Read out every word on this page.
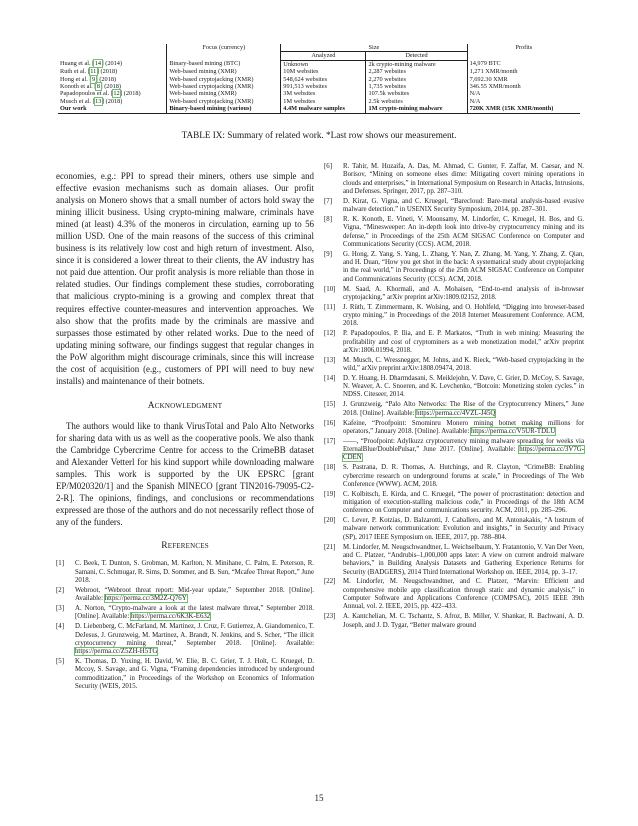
	Focus (currency)	Size		Profits
		Analyzed	Detected	
Huang et al. [14] (2014)	Binary-based mining (BTC)	Unknown	2k crypto-mining malware	14,979 BTC
Ruth et al. [11] (2018)	Web-based mining (XMR)	10M websites	2,287 websites	1,271 XMR/month
Hong et al. [9] (2018)	Web-based cryptojacking (XMR)	548,624 websites	2,270 websites	7,692.30 XMR
Konoth et al. [8] (2018)	Web-based cryptojacking (XMR)	991,513 websites	1,735 websites	346.55 XMR/month
Papadopoulos et al. [12] (2018)	Web-based mining (XMR)	3M websites	107.5k websites	N/A
Musch et al. [13] (2018)	Web-based cryptojacking (XMR)	1M websites	2.5k websites	N/A
Our work	Binary-based mining (various)	4.4M malware samples	1M crypto-mining malware	720K XMR (15K XMR/month)
TABLE IX: Summary of related work. *Last row shows our measurement.

economies, e.g.: PPI to spread their miners, others use simple and effective evasion mechanisms such as domain aliases. Our profit analysis on Monero shows that a small number of actors hold sway the mining illicit business. Using crypto-mining malware, criminals have mined (at least) 4.3% of the moneros in circulation, earning up to 56 million USD. One of the main reasons of the success of this criminal business is its relatively low cost and high return of investment. Also, since it is considered a lower threat to their clients, the AV industry has not paid due attention. Our profit analysis is more reliable than those in related studies. Our findings complement these studies, corroborating that malicious crypto-mining is a growing and complex threat that requires effective counter-measures and intervention approaches. We also show that the profits made by the criminals are massive and surpasses those estimated by other related works. Due to the need of updating mining software, our findings suggest that regular changes in the PoW algorithm might discourage criminals, since this will increase the cost of acquisition (e.g., customers of PPI will need to buy new installs) and maintenance of their botnets.

Acknowledgment

The authors would like to thank VirusTotal and Palo Alto Networks for sharing data with us as well as the cooperative pools. We also thank the Cambridge Cybercrime Centre for access to the CrimeBB dataset and Alexander Vetterl for his kind support while downloading malware samples. This work is supported by the UK EPSRC [grant EP/M020320/1] and the Spanish MINECO [grant TIN2016-79095-C2-2-R]. The opinions, findings, and conclusions or recommendations expressed are those of the authors and do not necessarily reflect those of any of the funders.

References
[1] C. Beek, T. Dunton, S. Grobman, M. Karlton, N. Minihane, C. Palm, E. Peterson, R. Samani, C. Schmugar, R. Sims, D. Sommer, and B. Sun, “Mcafee Threat Report,” June 2018.
[2] Webroot, “Webroot threat report: Mid-year update,” September 2018. [Online]. Available: https://perma.cc/3M2Z-Q76Y
[3] A. Norton, “Crypto-malware a look at the latest malware threat,” September 2018. [Online]. Available: https://perma.cc/6K3K-E632
[4] D. Liebenberg, C. McFarland, M. Martinez, J. Cruz, F. Gutierrez, A. Giandomenico, T. DeJesus, J. Grunzweig, M. Martinez, A. Brandt, N. Jenkins, and S. Scher, “The illicit cryptocurrency mining threat,” September 2018. [Online]. Available: https://perma.cc/Z5ZH-H5TG
[5] K. Thomas, D. Yuxing, H. David, W. Elie, B. C. Grier, T. J. Holt, C. Kruegel, D. Mccoy, S. Savage, and G. Vigna, “Framing dependencies introduced by underground commoditization,” in Proceedings of the Workshop on Economics of Information Security (WEIS, 2015.
[6] R. Tahir, M. Huzaifa, A. Das, M. Ahmad, C. Gunter, F. Zaffar, M. Caesar, and N. Borisov, “Mining on someone elses dime: Mitigating covert mining operations in clouds and enterprises,” in International Symposium on Research in Attacks, Intrusions, and Defenses. Springer, 2017, pp. 287–310.
[7] D. Kirat, G. Vigna, and C. Kruegel, “Barecloud: Bare-metal analysis-based evasive malware detection.” in USENIX Security Symposium, 2014, pp. 287–301.
[8] R. K. Konoth, E. Vineti, V. Moonsamy, M. Lindorfer, C. Kruegel, H. Bos, and G. Vigna, “Minesweeper: An in-depth look into drive-by cryptocurrency mining and its defense,” in Proceedings of the 25th ACM SIGSAC Conference on Computer and Communications Security (CCS). ACM, 2018.
[9] G. Hong, Z. Yang, S. Yang, L. Zhang, Y. Nan, Z. Zhang, M. Yang, Y. Zhang, Z. Qian, and H. Duan, “How you get shot in the back: A systematical study about cryptojacking in the real world,” in Proceedings of the 25th ACM SIGSAC Conference on Computer and Communications Security (CCS). ACM, 2018.
[10] M. Saad, A. Khormali, and A. Mohaisen, “End-to-end analysis of in-browser cryptojacking,” arXiv preprint arXiv:1809.02152, 2018.
[11] J. Rüth, T. Zimmermann, K. Wolsing, and O. Hohlfeld, “Digging into browser-based crypto mining,” in Proceedings of the 2018 Internet Measurement Conference. ACM, 2018.
[12] P. Papadopoulos, P. Ilia, and E. P. Markatos, “Truth in web mining: Measuring the profitability and cost of cryptominers as a web monetization model,” arXiv preprint arXiv:1806.01994, 2018.
[13] M. Musch, C. Wressnegger, M. Johns, and K. Rieck, “Web-based cryptojacking in the wild,” arXiv preprint arXiv:1808.09474, 2018.
[14] D. Y. Huang, H. Dharmdasani, S. Meiklejohn, V. Dave, C. Grier, D. McCoy, S. Savage, N. Weaver, A. C. Snoeren, and K. Levchenko, “Botcoin: Monetizing stolen cycles.” in NDSS. Citeseer, 2014.
[15] J. Grunzweig, “Palo Alto Networks: The Rise of the Cryptocurrency Miners,” June 2018. [Online]. Available: https://perma.cc/4VZL-J45Q
[16] Kafeine, “Proofpoint: Smominru Monero mining botnet making millions for operators,” January 2018. [Online]. Available: https://perma.cc/V5UR-TDLU
[17] ——, “Proofpoint: Adylkuzz cryptocurrency mining malware spreading for weeks via EternalBlue/DoublePulsar,” June 2017. [Online]. Available: https://perma.cc/3V7G-CDEN
[18] S. Pastrana, D. R. Thomas, A. Hutchings, and R. Clayton, “CrimeBB: Enabling cybercrime research on underground forums at scale,” in Proceedings of The Web Conference (WWW). ACM, 2018.
[19] C. Kolbitsch, E. Kirda, and C. Kruegel, “The power of procrastination: detection and mitigation of execution-stalling malicious code,” in Proceedings of the 18th ACM conference on Computer and communications security. ACM, 2011, pp. 285–296.
[20] C. Lever, P. Kotzias, D. Balzarotti, J. Caballero, and M. Antonakakis, “A lustrum of malware network communication: Evolution and insights,” in Security and Privacy (SP), 2017 IEEE Symposium on. IEEE, 2017, pp. 788–804.
[21] M. Lindorfer, M. Neugschwandtner, L. Weichselbaum, Y. Fratantonio, V. Van Der Veen, and C. Platzer, “Andrubis–1,000,000 apps later: A view on current android malware behaviors,” in Building Analysis Datasets and Gathering Experience Returns for Security (BADGERS), 2014 Third International Workshop on. IEEE, 2014, pp. 3–17.
[22] M. Lindorfer, M. Neugschwandtner, and C. Platzer, “Marvin: Efficient and comprehensive mobile app classification through static and dynamic analysis,” in Computer Software and Applications Conference (COMPSAC), 2015 IEEE 39th Annual, vol. 2. IEEE, 2015, pp. 422–433.
[23] A. Kantchelian, M. C. Tschantz, S. Afroz, B. Miller, V. Shankar, R. Bachwani, A. D. Joseph, and J. D. Tygar, “Better malware ground
15
